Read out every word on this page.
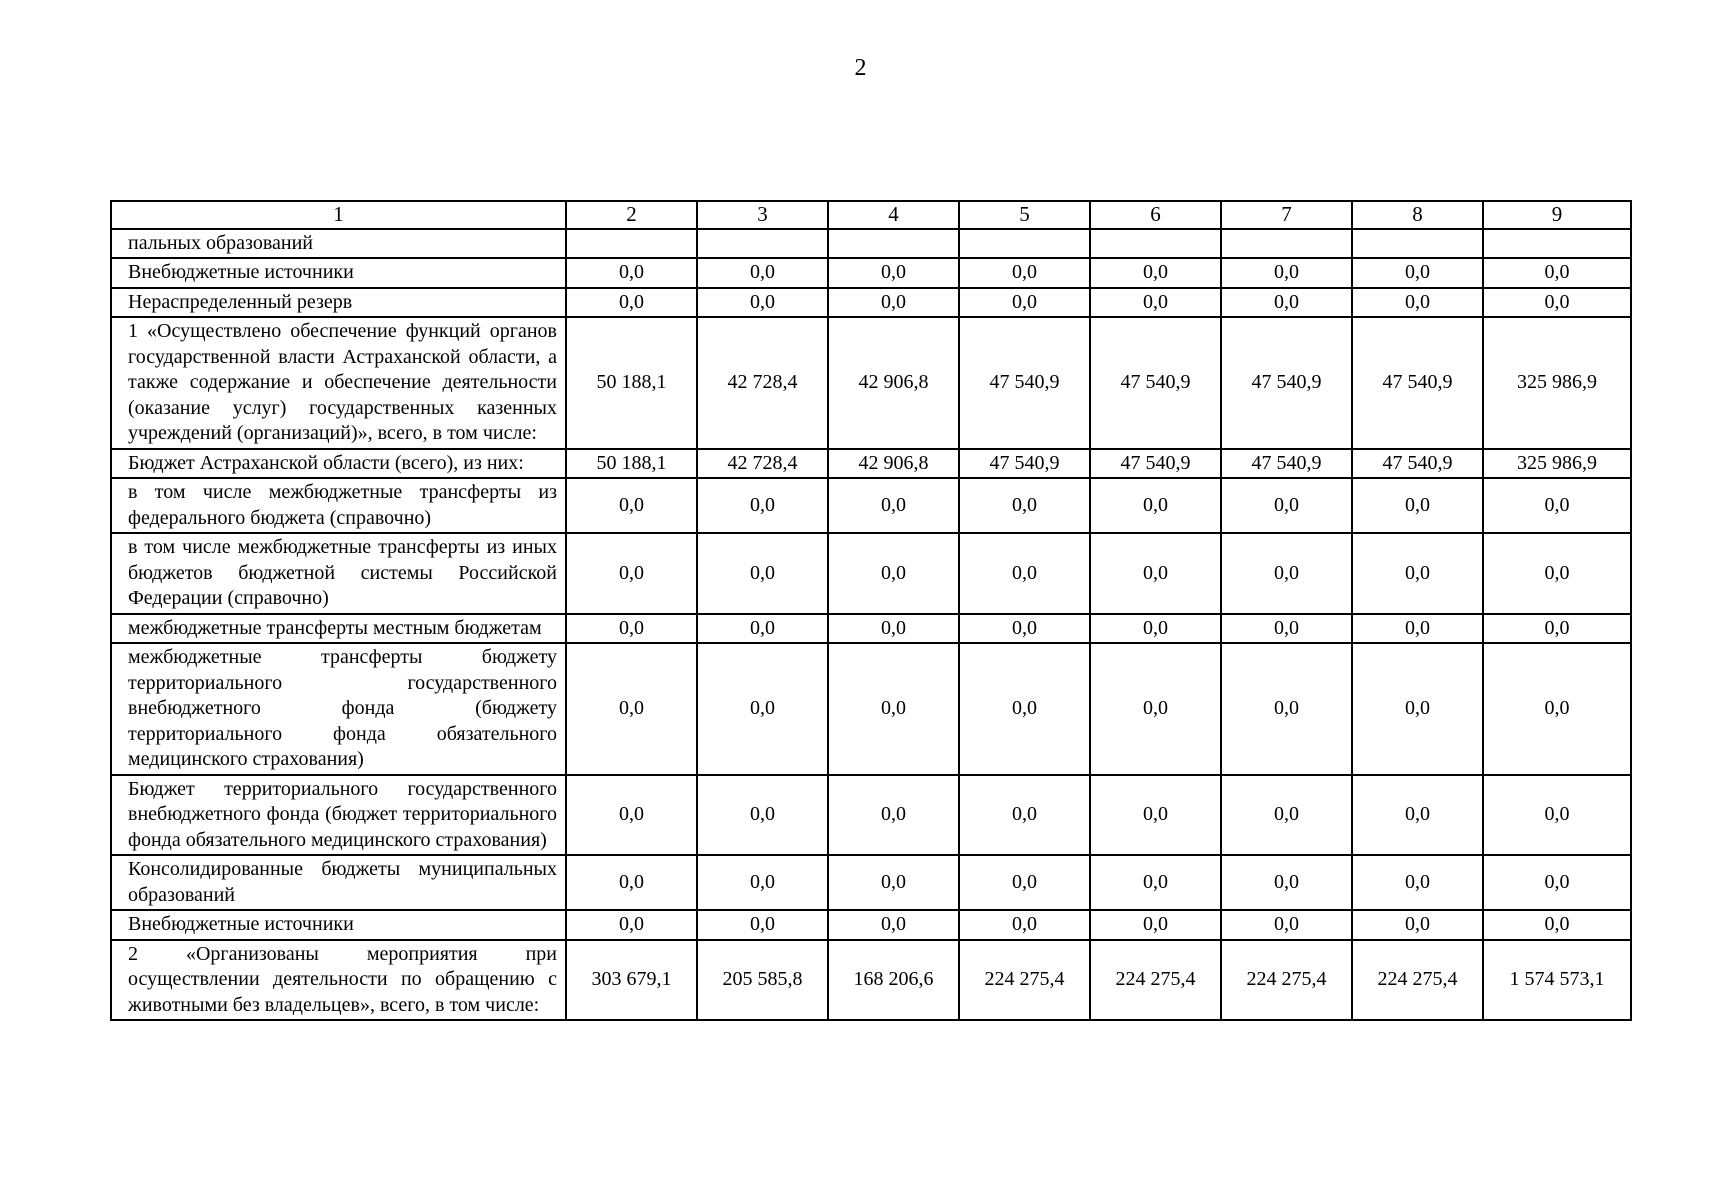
2
1	2	3	4	5	6	7	8	9
пальных образований								
Внебюджетные источники	0,0	0,0	0,0	0,0	0,0	0,0	0,0	0,0
Нераспределенный резерв	0,0	0,0	0,0	0,0	0,0	0,0	0,0	0,0
1 «Осуществлено обеспечение функций органов государственной власти Астраханской области, а также содержание и обеспечение деятельности (оказание услуг) государственных казенных учреждений (организаций)», всего, в том числе:	50 188,1	42 728,4	42 906,8	47 540,9	47 540,9	47 540,9	47 540,9	325 986,9
Бюджет Астраханской области (всего), из них:	50 188,1	42 728,4	42 906,8	47 540,9	47 540,9	47 540,9	47 540,9	325 986,9
в том числе межбюджетные трансферты из федерального бюджета (справочно)	0,0	0,0	0,0	0,0	0,0	0,0	0,0	0,0
в том числе межбюджетные трансферты из иных бюджетов бюджетной системы Российской Федерации (справочно)	0,0	0,0	0,0	0,0	0,0	0,0	0,0	0,0
межбюджетные трансферты местным бюджетам	0,0	0,0	0,0	0,0	0,0	0,0	0,0	0,0
межбюджетные трансферты бюджету территориального государственного внебюджетного фонда (бюджету территориального фонда обязательного медицинского страхования)	0,0	0,0	0,0	0,0	0,0	0,0	0,0	0,0
Бюджет территориального государственного внебюджетного фонда (бюджет территориального фонда обязательного медицинского страхования)	0,0	0,0	0,0	0,0	0,0	0,0	0,0	0,0
Консолидированные бюджеты муниципальных образований	0,0	0,0	0,0	0,0	0,0	0,0	0,0	0,0
Внебюджетные источники	0,0	0,0	0,0	0,0	0,0	0,0	0,0	0,0
2 «Организованы мероприятия при осуществлении деятельности по обращению с животными без владельцев», всего, в том числе:	303 679,1	205 585,8	168 206,6	224 275,4	224 275,4	224 275,4	224 275,4	1 574 573,1
